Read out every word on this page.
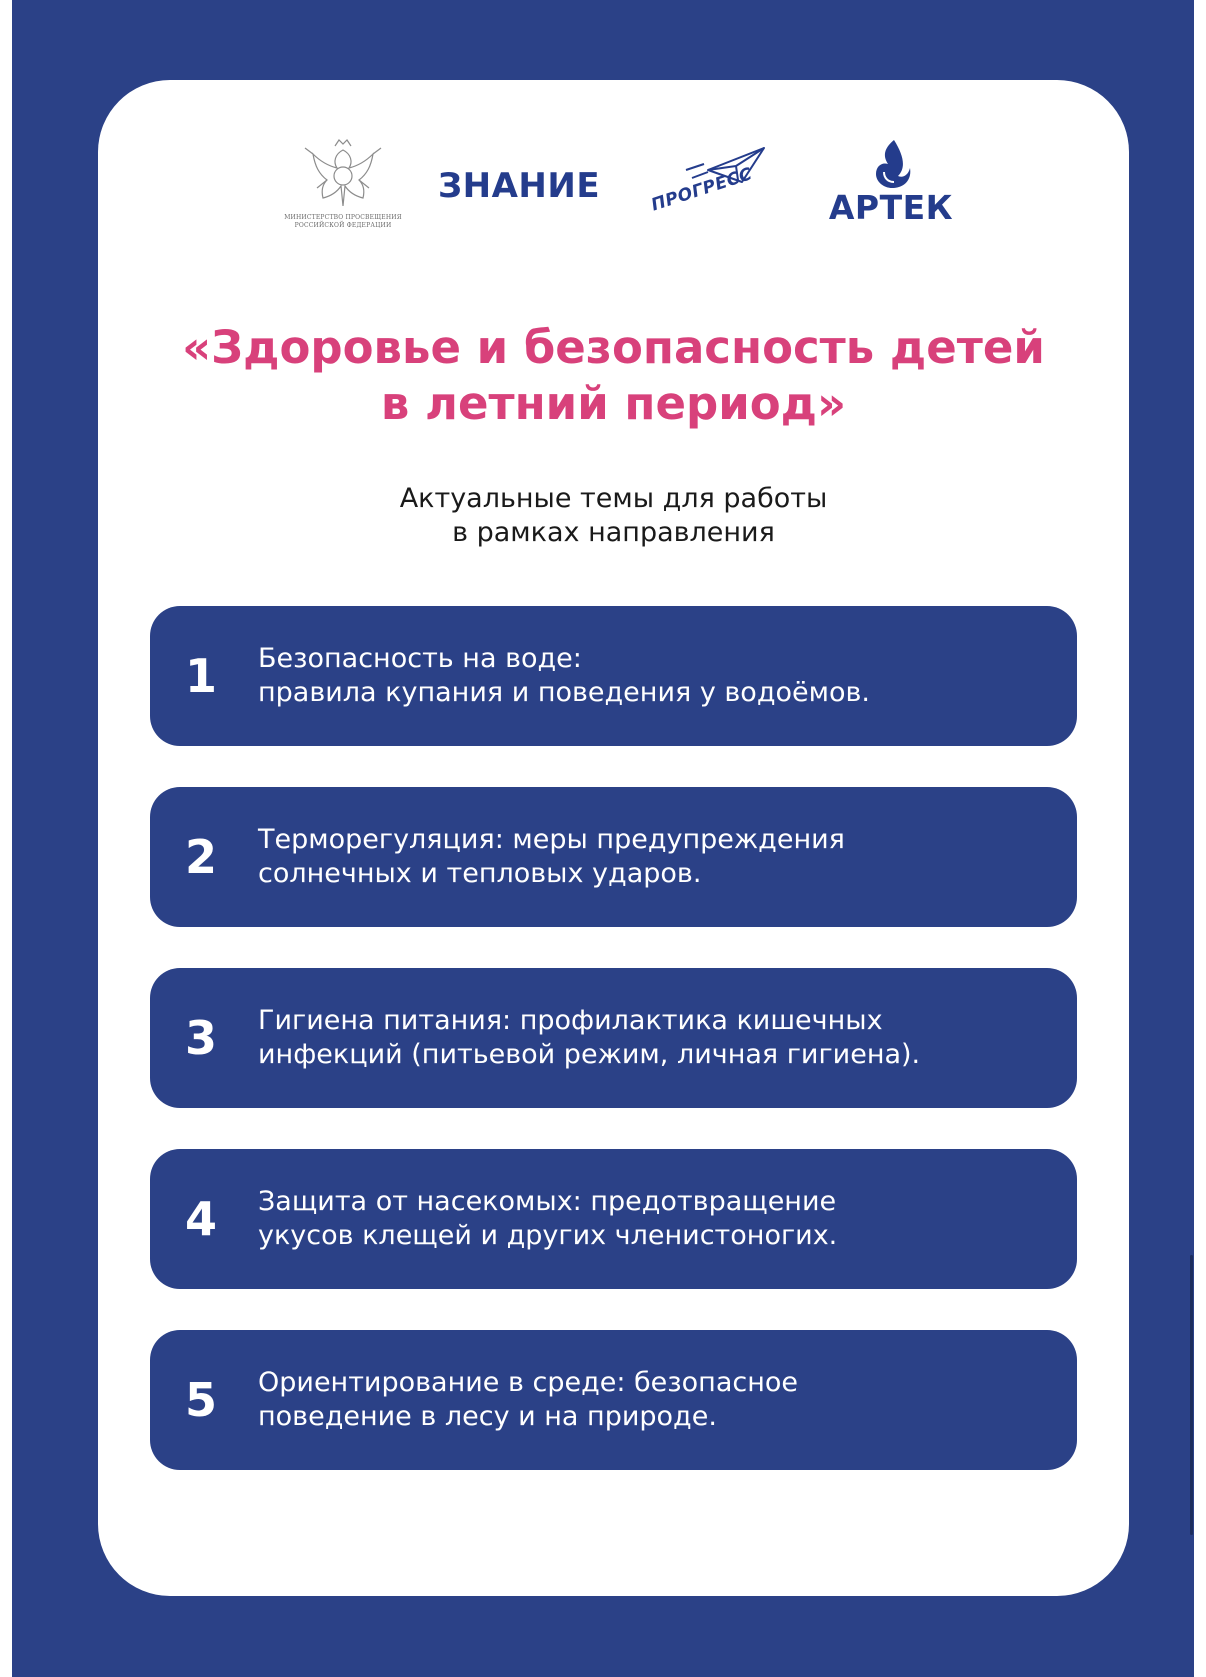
МИНИСТЕРСТВО ПРОСВЕЩЕНИЯ
РОССИЙСКОЙ ФЕДЕРАЦИИ
ЗНАНИЕ	ПРОГРЕСС АРТЕК
«Здоровье и безопасность детей
в летний период»
Актуальные темы для работы
в рамках направления
1	Безопасность на воде:
правила купания и поведения у водоёмов.
2	Терморегуляция: меры предупреждения
солнечных и тепловых ударов.
3	Гигиена питания: профилактика кишечных
инфекций (питьевой режим, личная гигиена).
4	Защита от насекомых: предотвращение
укусов клещей и других членистоногих.
5	Ориентирование в среде: безопасное
поведение в лесу и на природе.
